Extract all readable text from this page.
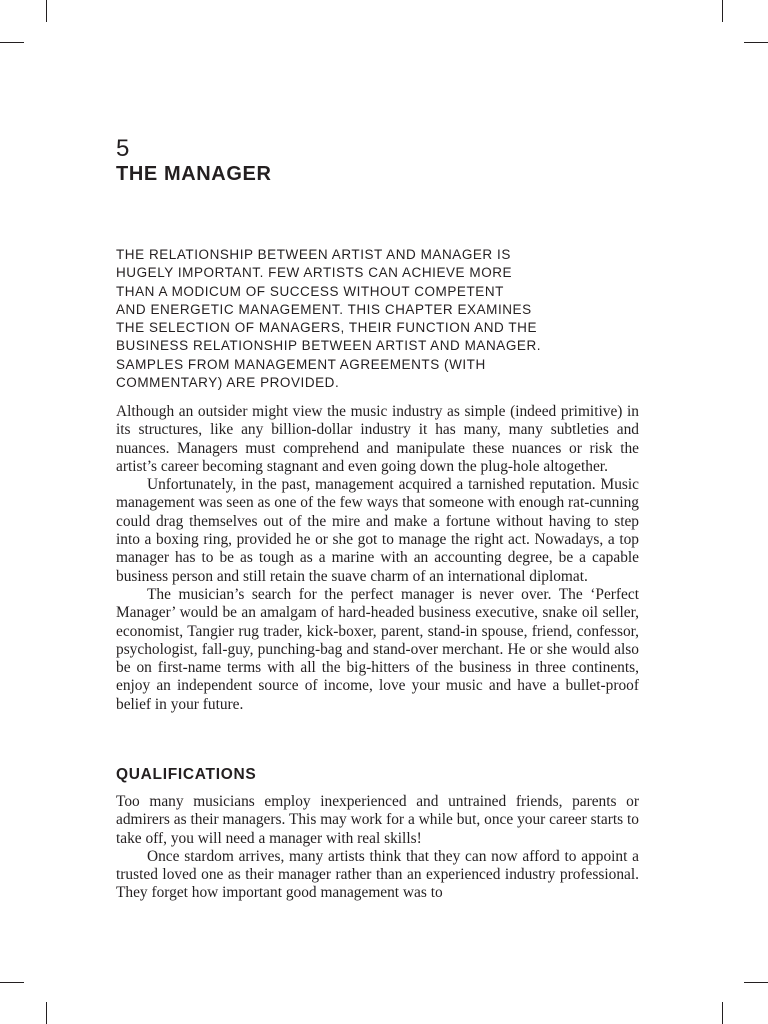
5
THE MANAGER
THE RELATIONSHIP BETWEEN ARTIST AND MANAGER IS
HUGELY IMPORTANT. FEW ARTISTS CAN ACHIEVE MORE
THAN A MODICUM OF SUCCESS WITHOUT COMPETENT
AND ENERGETIC MANAGEMENT. THIS CHAPTER EXAMINES
THE SELECTION OF MANAGERS, THEIR FUNCTION AND THE
BUSINESS RELATIONSHIP BETWEEN ARTIST AND MANAGER.
SAMPLES FROM MANAGEMENT AGREEMENTS (WITH
COMMENTARY) ARE PROVIDED.

Although an outsider might view the music industry as simple (indeed primitive) in its structures, like any billion-dollar industry it has many, many subtleties and nuances. Managers must comprehend and manipulate these nuances or risk the artist’s career becoming stagnant and even going down the plug-hole altogether.

Unfortunately, in the past, management acquired a tarnished reputation. Music management was seen as one of the few ways that someone with enough rat-cunning could drag themselves out of the mire and make a fortune without having to step into a boxing ring, provided he or she got to manage the right act. Nowadays, a top manager has to be as tough as a marine with an accounting degree, be a capable business person and still retain the suave charm of an international diplomat.

The musician’s search for the perfect manager is never over. The ‘Perfect Manager’ would be an amalgam of hard-headed business executive, snake oil seller, economist, Tangier rug trader, kick-boxer, parent, stand-in spouse, friend, confessor, psychologist, fall-guy, punching-bag and stand-over merchant. He or she would also be on first-name terms with all the big-hitters of the business in three continents, enjoy an independent source of income, love your music and have a bullet-proof belief in your future.

QUALIFICATIONS

Too many musicians employ inexperienced and untrained friends, parents or admirers as their managers. This may work for a while but, once your career starts to take off, you will need a manager with real skills!

Once stardom arrives, many artists think that they can now afford to appoint a trusted loved one as their manager rather than an experienced industry professional. They forget how important good management was to
